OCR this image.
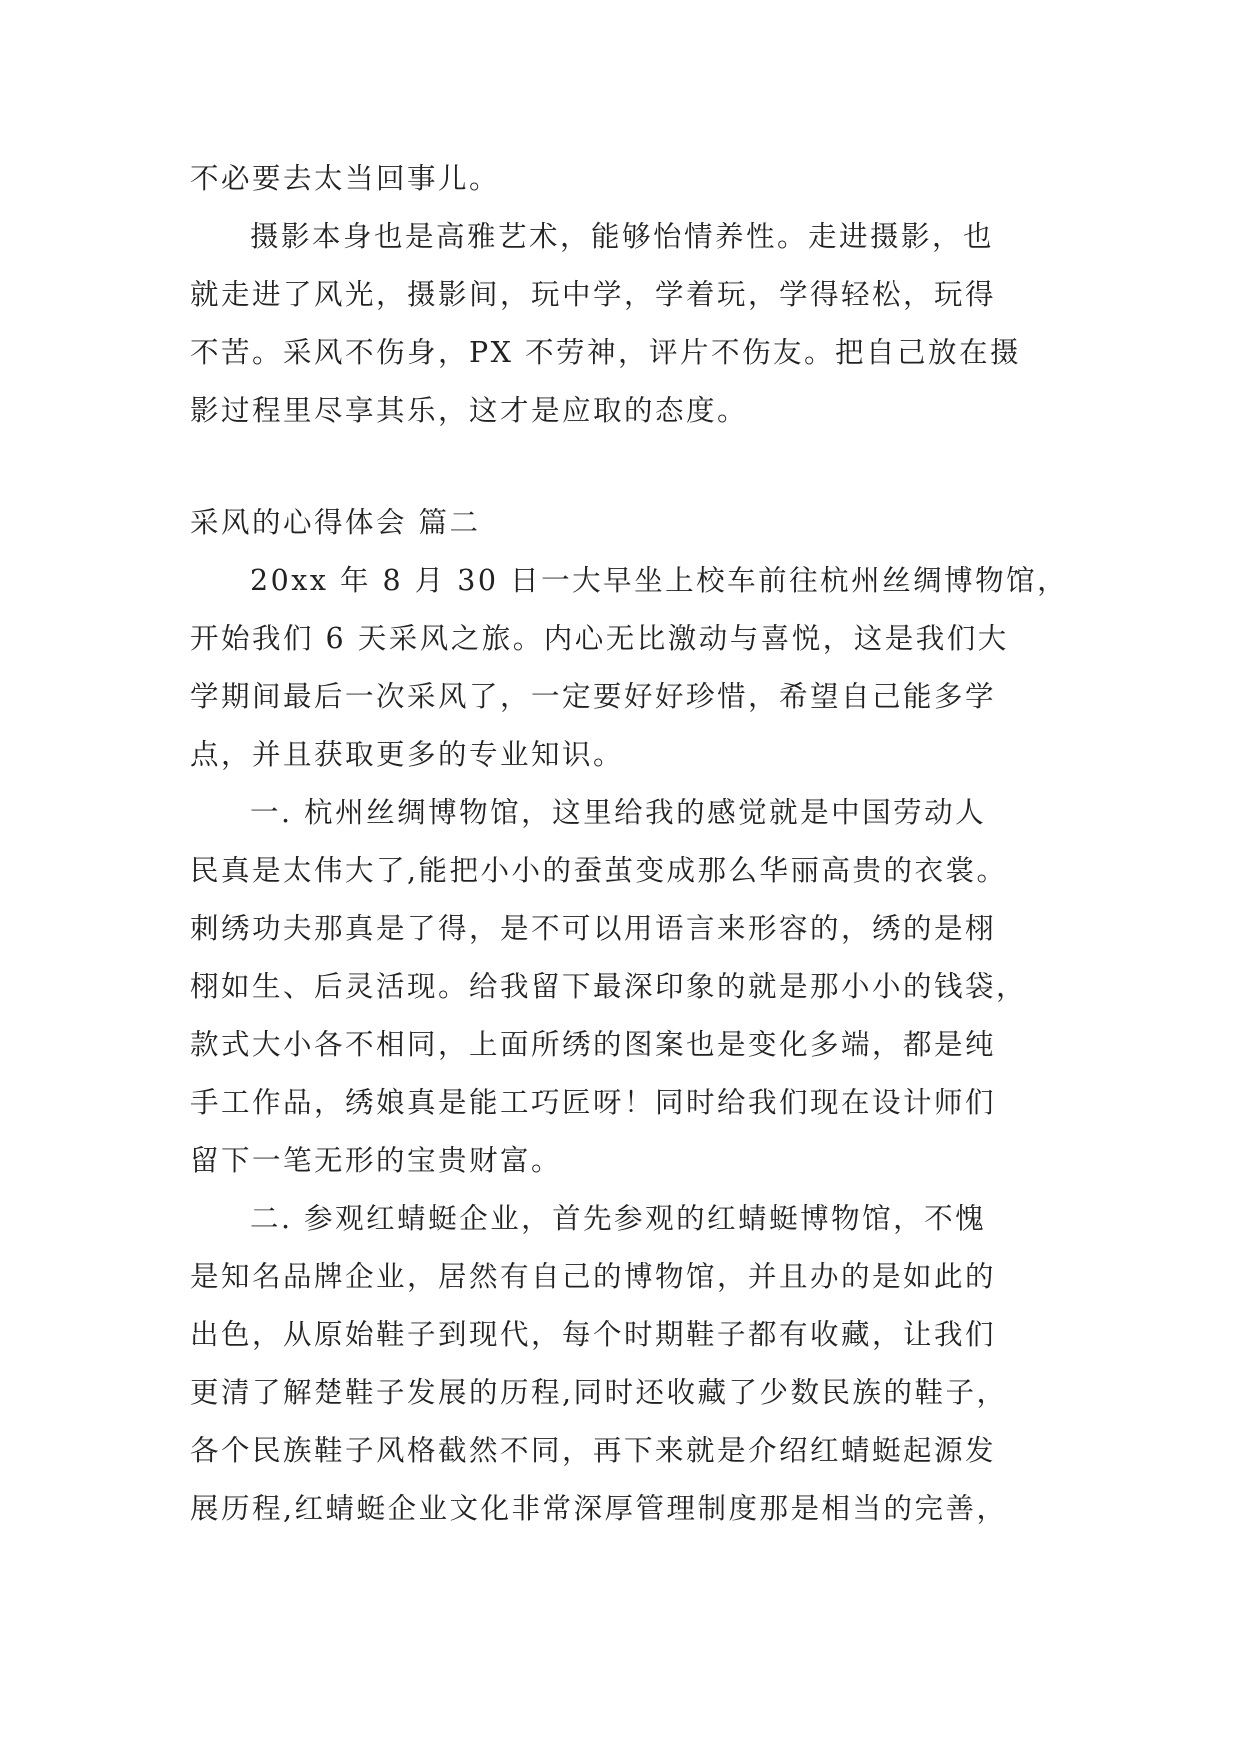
不必要去太当回事儿。
摄影本身也是高雅艺术，能够怡情养性。走进摄影，也
就走进了风光，摄影间，玩中学，学着玩，学得轻松，玩得
不苦。采风不伤身，PX 不劳神，评片不伤友。把自己放在摄
影过程里尽享其乐，这才是应取的态度。
采风的心得体会 篇二
20xx 年 8 月 30 日一大早坐上校车前往杭州丝绸博物馆，
开始我们 6 天采风之旅。内心无比激动与喜悦，这是我们大
学期间最后一次采风了，一定要好好珍惜，希望自己能多学
点，并且获取更多的专业知识。
一. 杭州丝绸博物馆，这里给我的感觉就是中国劳动人
民真是太伟大了,能把小小的蚕茧变成那么华丽高贵的衣裳。
刺绣功夫那真是了得，是不可以用语言来形容的，绣的是栩
栩如生、后灵活现。给我留下最深印象的就是那小小的钱袋，
款式大小各不相同，上面所绣的图案也是变化多端，都是纯
手工作品，绣娘真是能工巧匠呀！同时给我们现在设计师们
留下一笔无形的宝贵财富。
二. 参观红蜻蜓企业，首先参观的红蜻蜓博物馆，不愧
是知名品牌企业，居然有自己的博物馆，并且办的是如此的
出色，从原始鞋子到现代，每个时期鞋子都有收藏，让我们
更清了解楚鞋子发展的历程,同时还收藏了少数民族的鞋子，
各个民族鞋子风格截然不同，再下来就是介绍红蜻蜓起源发
展历程,红蜻蜓企业文化非常深厚管理制度那是相当的完善，
